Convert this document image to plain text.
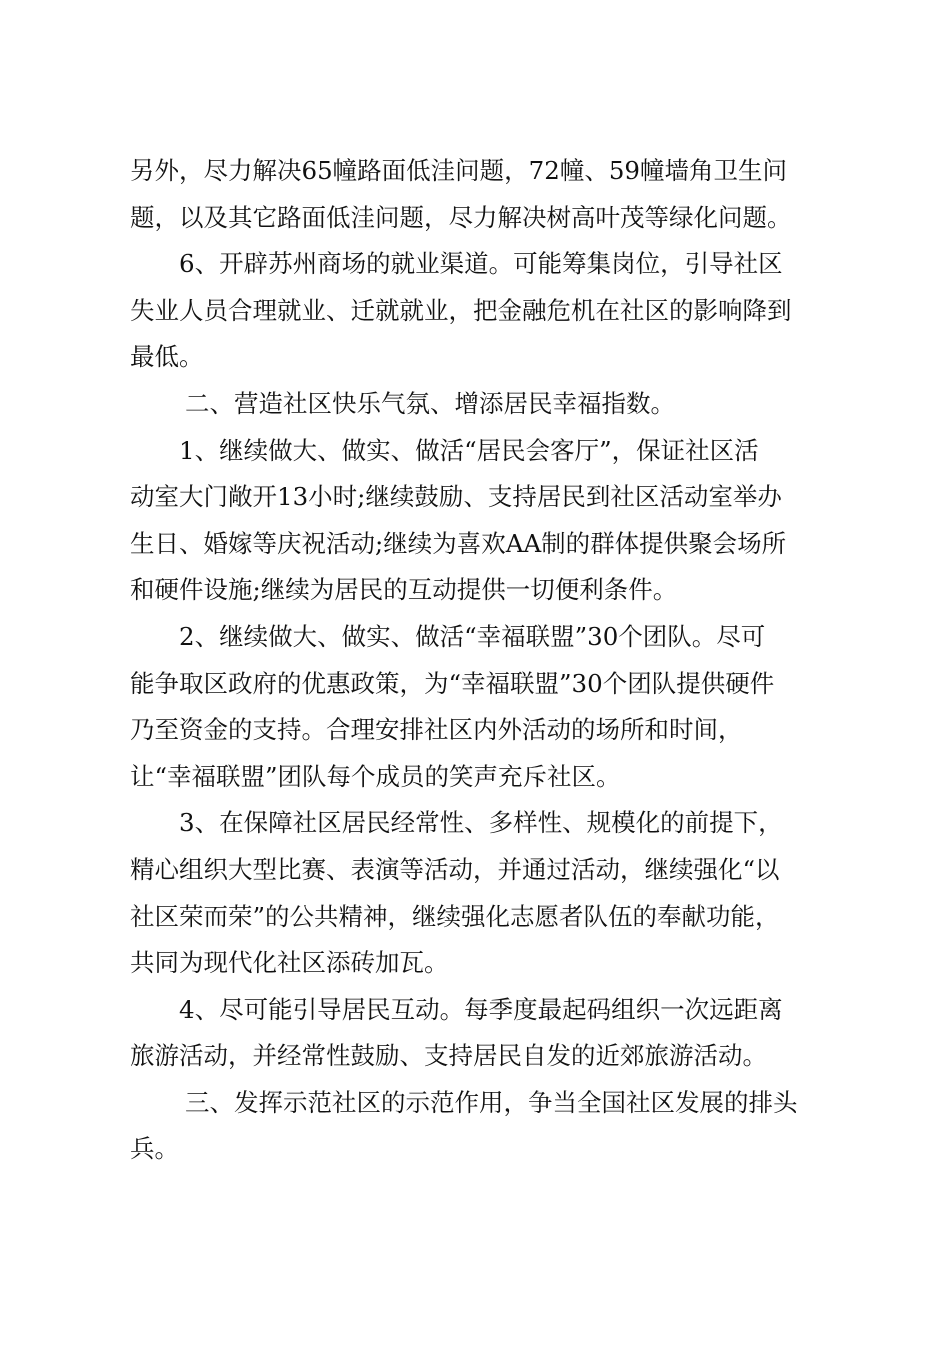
另外，尽力解决65幢路面低洼问题，72幢、59幢墙角卫生问
题，以及其它路面低洼问题，尽力解决树高叶茂等绿化问题。
6、开辟苏州商场的就业渠道。可能筹集岗位，引导社区
失业人员合理就业、迁就就业，把金融危机在社区的影响降到
最低。
二、营造社区快乐气氛、增添居民幸福指数。
1、继续做大、做实、做活“居民会客厅”，保证社区活
动室大门敞开13小时;继续鼓励、支持居民到社区活动室举办
生日、婚嫁等庆祝活动;继续为喜欢AA制的群体提供聚会场所
和硬件设施;继续为居民的互动提供一切便利条件。
2、继续做大、做实、做活“幸福联盟”30个团队。尽可
能争取区政府的优惠政策，为“幸福联盟”30个团队提供硬件
乃至资金的支持。合理安排社区内外活动的场所和时间，
让“幸福联盟”团队每个成员的笑声充斥社区。
3、在保障社区居民经常性、多样性、规模化的前提下，
精心组织大型比赛、表演等活动，并通过活动，继续强化“以
社区荣而荣”的公共精神，继续强化志愿者队伍的奉献功能，
共同为现代化社区添砖加瓦。
4、尽可能引导居民互动。每季度最起码组织一次远距离
旅游活动，并经常性鼓励、支持居民自发的近郊旅游活动。
三、发挥示范社区的示范作用，争当全国社区发展的排头
兵。
